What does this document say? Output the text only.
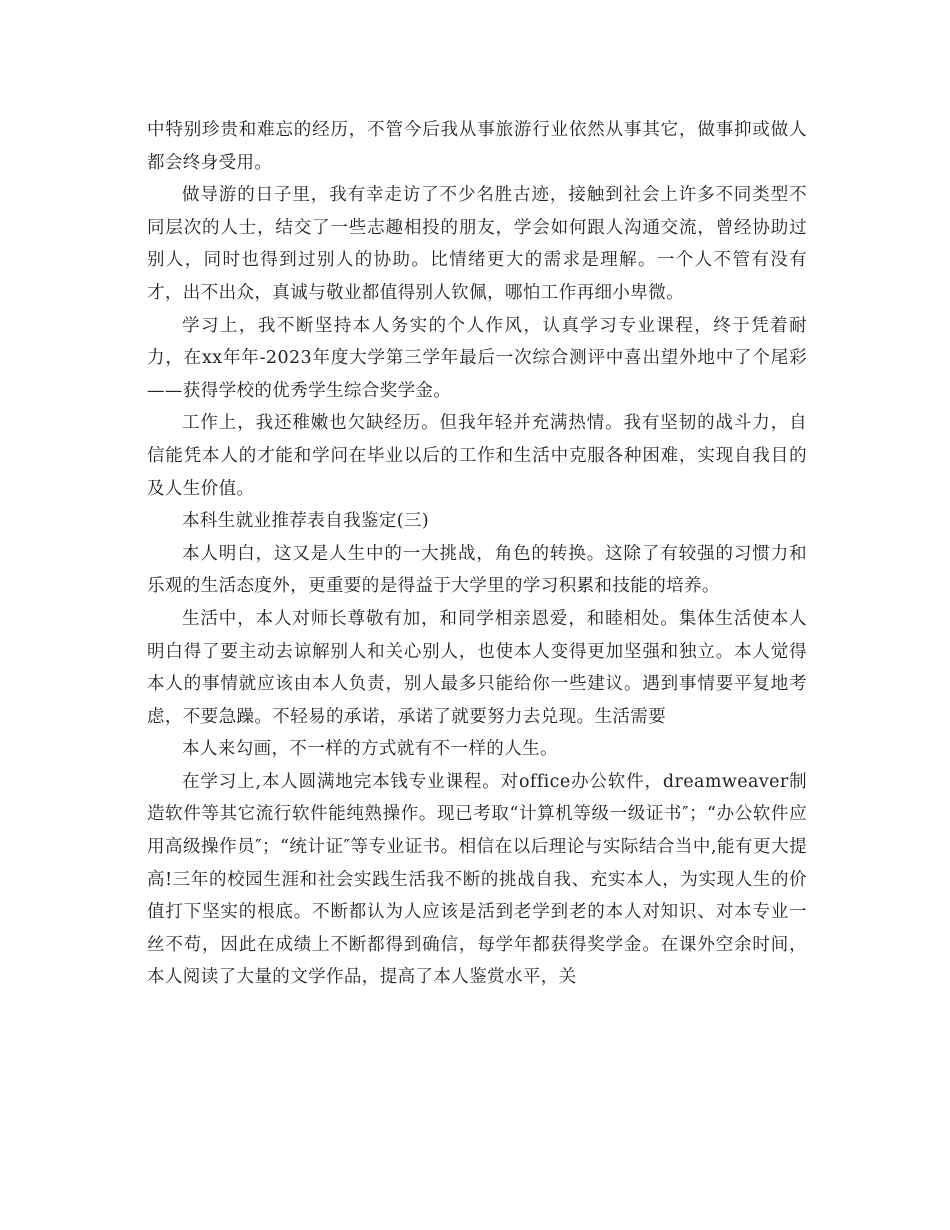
中特别珍贵和难忘的经历，不管今后我从事旅游行业依然从事其它，做事抑或做人都会终身受用。

做导游的日子里，我有幸走访了不少名胜古迹，接触到社会上许多不同类型不同层次的人士，结交了一些志趣相投的朋友，学会如何跟人沟通交流，曾经协助过别人，同时也得到过别人的协助。比情绪更大的需求是理解。一个人不管有没有才，出不出众，真诚与敬业都值得别人钦佩，哪怕工作再细小卑微。

学习上，我不断坚持本人务实的个人作风，认真学习专业课程，终于凭着耐力，在xx年年-2023年度大学第三学年最后一次综合测评中喜出望外地中了个尾彩——获得学校的优秀学生综合奖学金。

工作上，我还稚嫩也欠缺经历。但我年轻并充满热情。我有坚韧的战斗力，自信能凭本人的才能和学问在毕业以后的工作和生活中克服各种困难，实现自我目的及人生价值。

本科生就业推荐表自我鉴定(三)

本人明白，这又是人生中的一大挑战，角色的转换。这除了有较强的习惯力和乐观的生活态度外，更重要的是得益于大学里的学习积累和技能的培养。

生活中，本人对师长尊敬有加，和同学相亲恩爱，和睦相处。集体生活使本人明白得了要主动去谅解别人和关心别人，也使本人变得更加坚强和独立。本人觉得本人的事情就应该由本人负责，别人最多只能给你一些建议。遇到事情要平复地考虑，不要急躁。不轻易的承诺，承诺了就要努力去兑现。生活需要

本人来勾画，不一样的方式就有不一样的人生。

在学习上,本人圆满地完本钱专业课程。对office办公软件，dreamweaver制造软件等其它流行软件能纯熟操作。现已考取“计算机等级一级证书″；“办公软件应用高级操作员″；“统计证″等专业证书。相信在以后理论与实际结合当中,能有更大提高!三年的校园生涯和社会实践生活我不断的挑战自我、充实本人，为实现人生的价值打下坚实的根底。不断都认为人应该是活到老学到老的本人对知识、对本专业一丝不苟，因此在成绩上不断都得到确信，每学年都获得奖学金。在课外空余时间，本人阅读了大量的文学作品，提高了本人鉴赏水平，关
